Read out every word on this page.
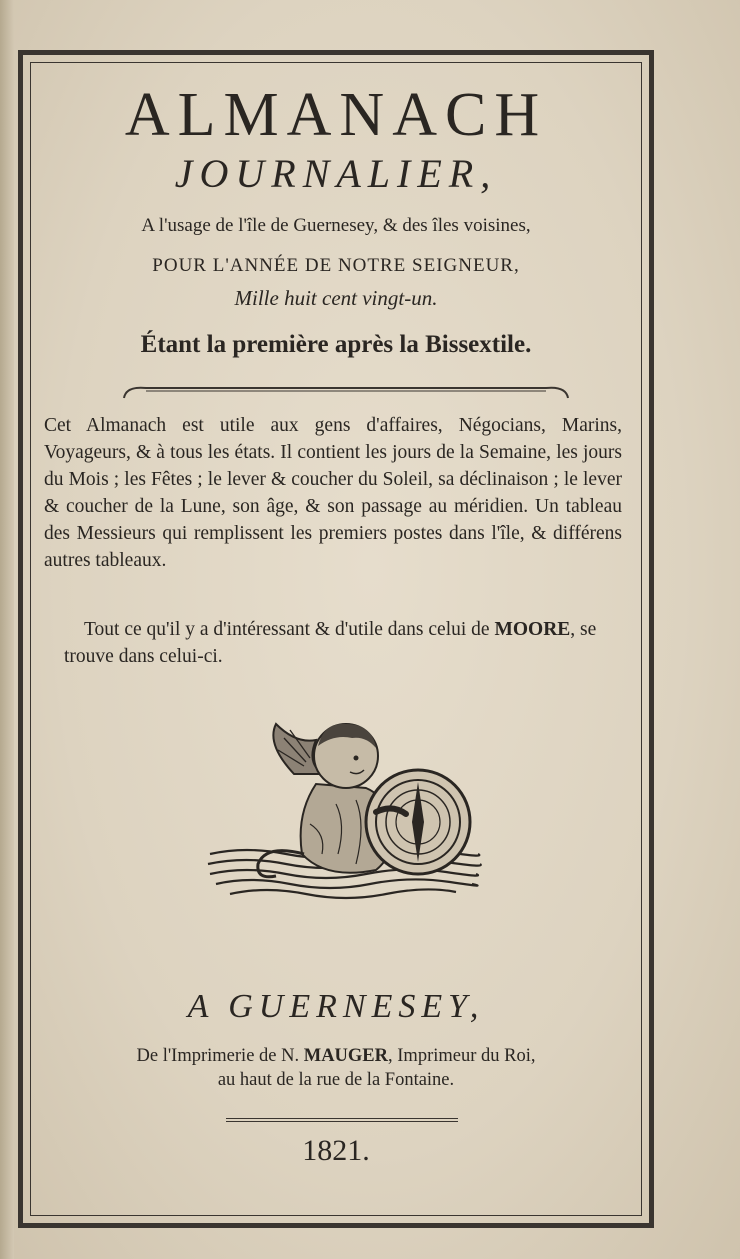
ALMANACH
JOURNALIER,
A l'usage de l'île de Guernesey, & des îles voisines,
POUR L'ANNÉE DE NOTRE SEIGNEUR,
Mille huit cent vingt-un.
Étant la première après la Bissextile.
Cet Almanach est utile aux gens d'affaires, Négocians, Marins, Voyageurs, & à tous les états. Il contient les jours de la Semaine, les jours du Mois ; les Fêtes ; le lever & coucher du Soleil, sa déclinaison ; le lever & coucher de la Lune, son âge, & son passage au méridien. Un tableau des Messieurs qui remplissent les premiers postes dans l'île, & différens autres tableaux.
Tout ce qu'il y a d'intéressant & d'utile dans celui de MOORE, se trouve dans celui-ci.
A GUERNESEY,
De l'Imprimerie de N. MAUGER, Imprimeur du Roi,
au haut de la rue de la Fontaine.
1821.
